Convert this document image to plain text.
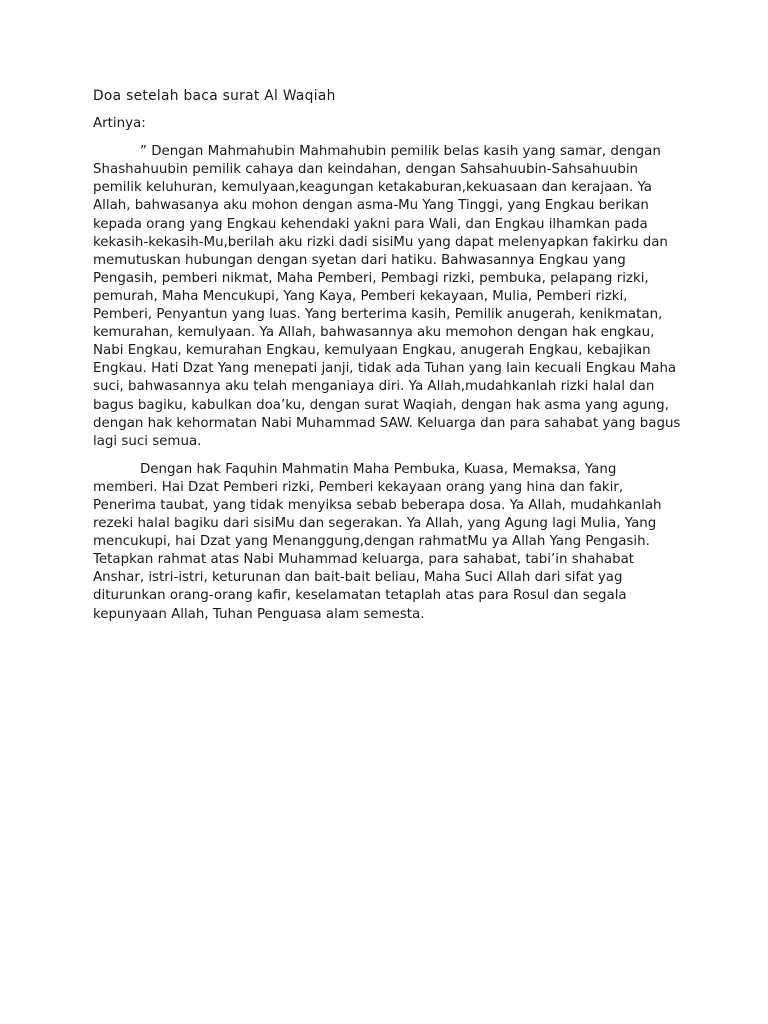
Doa setelah baca surat Al Waqiah

Artinya:

” Dengan Mahmahubin Mahmahubin pemilik belas kasih yang samar, dengan Shashahuubin pemilik cahaya dan keindahan, dengan Sahsahuubin-Sahsahuubin pemilik keluhuran, kemulyaan,keagungan ketakaburan,kekuasaan dan kerajaan. Ya Allah, bahwasanya aku mohon dengan asma-Mu Yang Tinggi, yang Engkau berikan kepada orang yang Engkau kehendaki yakni para Wali, dan Engkau ilhamkan pada kekasih-kekasih-Mu,berilah aku rizki dadi sisiMu yang dapat melenyapkan fakirku dan memutuskan hubungan dengan syetan dari hatiku. Bahwasannya Engkau yang Pengasih, pemberi nikmat, Maha Pemberi, Pembagi rizki, pembuka, pelapang rizki, pemurah, Maha Mencukupi, Yang Kaya, Pemberi kekayaan, Mulia, Pemberi rizki, Pemberi, Penyantun yang luas. Yang berterima kasih, Pemilik anugerah, kenikmatan, kemurahan, kemulyaan. Ya Allah, bahwasannya aku memohon dengan hak engkau, Nabi Engkau, kemurahan Engkau, kemulyaan Engkau, anugerah Engkau, kebajikan Engkau. Hati Dzat Yang menepati janji, tidak ada Tuhan yang lain kecuali Engkau Maha suci, bahwasannya aku telah menganiaya diri. Ya Allah,mudahkanlah rizki halal dan bagus bagiku, kabulkan doa’ku, dengan surat Waqiah, dengan hak asma yang agung, dengan hak kehormatan Nabi Muhammad SAW. Keluarga dan para sahabat yang bagus lagi suci semua.

Dengan hak Faquhin Mahmatin Maha Pembuka, Kuasa, Memaksa, Yang memberi. Hai Dzat Pemberi rizki, Pemberi kekayaan orang yang hina dan fakir, Penerima taubat, yang tidak menyiksa sebab beberapa dosa. Ya Allah, mudahkanlah rezeki halal bagiku dari sisiMu dan segerakan. Ya Allah, yang Agung lagi Mulia, Yang mencukupi, hai Dzat yang Menanggung,dengan rahmatMu ya Allah Yang Pengasih. Tetapkan rahmat atas Nabi Muhammad keluarga, para sahabat, tabi’in shahabat Anshar, istri-istri, keturunan dan bait-bait beliau, Maha Suci Allah dari sifat yag diturunkan orang-orang kafir, keselamatan tetaplah atas para Rosul dan segala kepunyaan Allah, Tuhan Penguasa alam semesta.
